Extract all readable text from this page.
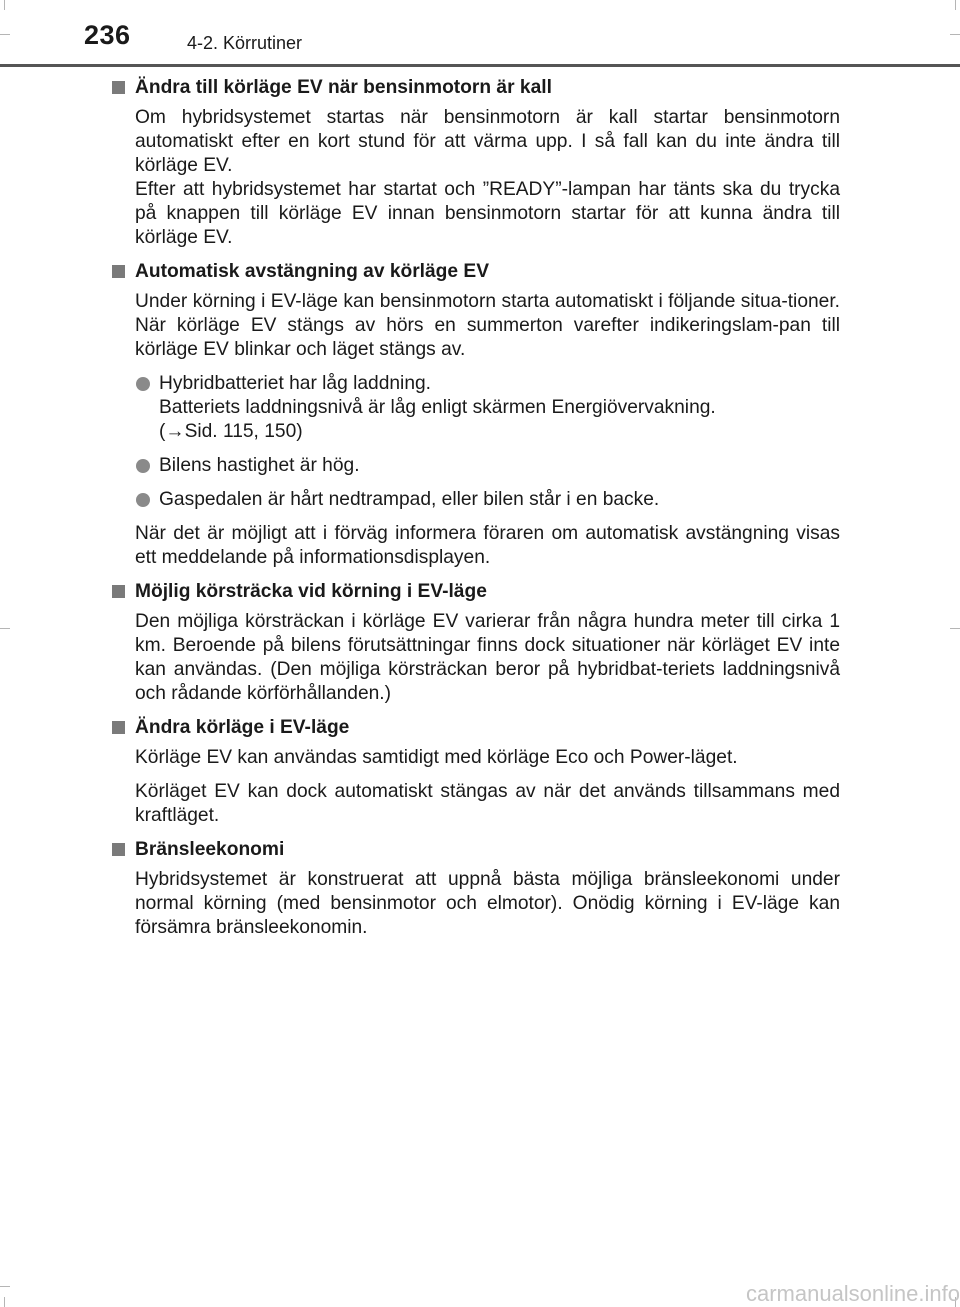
236	4-2. Körrutiner
Ändra till körläge EV när bensinmotorn är kall
Om hybridsystemet startas när bensinmotorn är kall startar bensinmotorn automatiskt efter en kort stund för att värma upp. I så fall kan du inte ändra till körläge EV.
Efter att hybridsystemet har startat och ”READY”-lampan har tänts ska du trycka på knappen till körläge EV innan bensinmotorn startar för att kunna ändra till körläge EV.
Automatisk avstängning av körläge EV
Under körning i EV-läge kan bensinmotorn starta automatiskt i följande situa-tioner. När körläge EV stängs av hörs en summerton varefter indikeringslam-pan till körläge EV blinkar och läget stängs av.
Hybridbatteriet har låg laddning.
Batteriets laddningsnivå är låg enligt skärmen Energiövervakning.
(→Sid. 115, 150)
Bilens hastighet är hög.
Gaspedalen är hårt nedtrampad, eller bilen står i en backe.
När det är möjligt att i förväg informera föraren om automatisk avstängning visas ett meddelande på informationsdisplayen.
Möjlig körsträcka vid körning i EV-läge
Den möjliga körsträckan i körläge EV varierar från några hundra meter till cirka 1 km. Beroende på bilens förutsättningar finns dock situationer när körläget EV inte kan användas. (Den möjliga körsträckan beror på hybridbat-teriets laddningsnivå och rådande körförhållanden.)
Ändra körläge i EV-läge
Körläge EV kan användas samtidigt med körläge Eco och Power-läget.
Körläget EV kan dock automatiskt stängas av när det används tillsammans med kraftläget.
Bränsleekonomi
Hybridsystemet är konstruerat att uppnå bästa möjliga bränsleekonomi under normal körning (med bensinmotor och elmotor). Onödig körning i EV-läge kan försämra bränsleekonomin.
carmanualsonline.info
